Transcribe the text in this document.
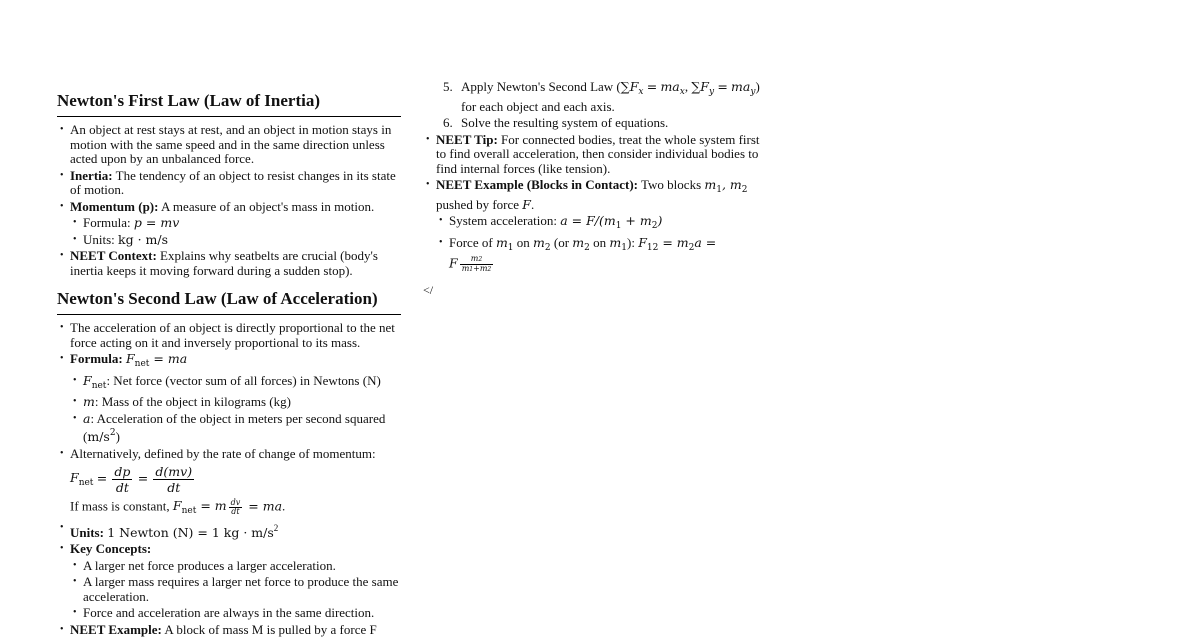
Newton's First Law (Law of Inertia)
• An object at rest stays at rest, and an object in motion stays in motion with the same speed and in the same direction unless acted upon by an unbalanced force.
• Inertia: The tendency of an object to resist changes in its state of motion.
• Momentum (p): A measure of an object's mass in motion.
• Formula: p = mv
• Units: kg · m/s
• NEET Context: Explains why seatbelts are crucial (body's inertia keeps it moving forward during a sudden stop).
Newton's Second Law (Law of Acceleration)
• The acceleration of an object is directly proportional to the net force acting on it and inversely proportional to its mass.
• Formula: $F_{net}$ = ma
• $F_{net}$: Net force (vector sum of all forces) in Newtons (N)
• m: Mass of the object in kilograms (kg)
• a: Acceleration of the object in meters per second squared $(m/s^2)$
• Alternatively, defined by the rate of change of momentum:
$F_{net} = \frac{dp}{dt} = \frac{d(mv)}{dt}$
If mass is constant, $F_{net} = m \frac{dv}{dt}$ = ma.
• Units: 1 Newton (N) = 1 kg · $m/s^2$
• Key Concepts:
• A larger net force produces a larger acceleration.
• A larger mass requires a larger net force to produce the same acceleration.
• Force and acceleration are always in the same direction.
• NEET Example: A block of mass M is pulled by a force F
5. Apply Newton's Second Law ($\sum F_x = ma_x$, $\sum F_y = ma_y$) for each object and each axis.
6. Solve the resulting system of equations.
• NEET Tip: For connected bodies, treat the whole system first to find overall acceleration, then consider individual bodies to find internal forces (like tension).
• NEET Example (Blocks in Contact): Two blocks $m_1$, $m_2$ pushed by force F.
• System acceleration: $a = F/(m_1 + m_2)$
• Force of $m_1$ on $m_2$ (or $m_2$ on $m_1$): $F_{12} = m_2a$ =
F $\frac{m2}{m1+m2}$
</
